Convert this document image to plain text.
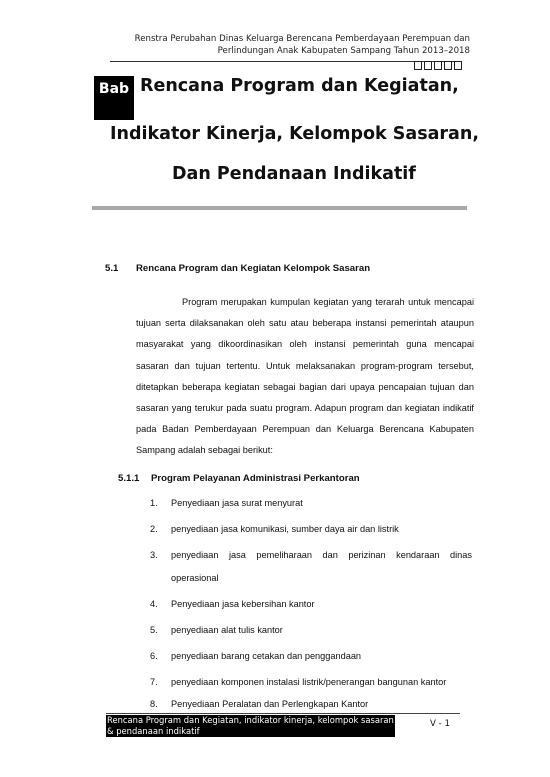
Renstra Perubahan Dinas Keluarga Berencana Pemberdayaan Perempuan dan
Perlindungan Anak Kabupaten Sampang Tahun 2013–2018
Bab Rencana Program dan Kegiatan,
Indikator Kinerja, Kelompok Sasaran,
Dan Pendanaan Indikatif
5.1 Rencana Program dan Kegiatan Kelompok Sasaran
Program merupakan kumpulan kegiatan yang terarah untuk mencapai tujuan serta dilaksanakan oleh satu atau beberapa instansi pemerintah ataupun masyarakat yang dikoordinasikan oleh instansi pemerintah guna mencapai sasaran dan tujuan tertentu. Untuk melaksanakan program-program tersebut, ditetapkan beberapa kegiatan sebagai bagian dari upaya pencapaian tujuan dan sasaran yang terukur pada suatu program. Adapun program dan kegiatan indikatif pada Badan Pemberdayaan Perempuan dan Keluarga Berencana Kabupaten Sampang adalah sebagai berikut:
5.1.1 Program Pelayanan Administrasi Perkantoran
1. Penyediaan jasa surat menyurat
2. penyediaan jasa komunikasi, sumber daya air dan listrik
3. penyediaan jasa pemeliharaan dan perizinan kendaraan dinas
operasional
4. Penyediaan jasa kebersihan kantor
5. penyediaan alat tulis kantor
6. penyediaan barang cetakan dan penggandaan
7. penyediaan komponen instalasi listrik/penerangan bangunan kantor
8. Penyediaan Peralatan dan Perlengkapan Kantor
Rencana Program dan Kegiatan, indikator kinerja, kelompok sasaran & pendanaan indikatif
V - 1
